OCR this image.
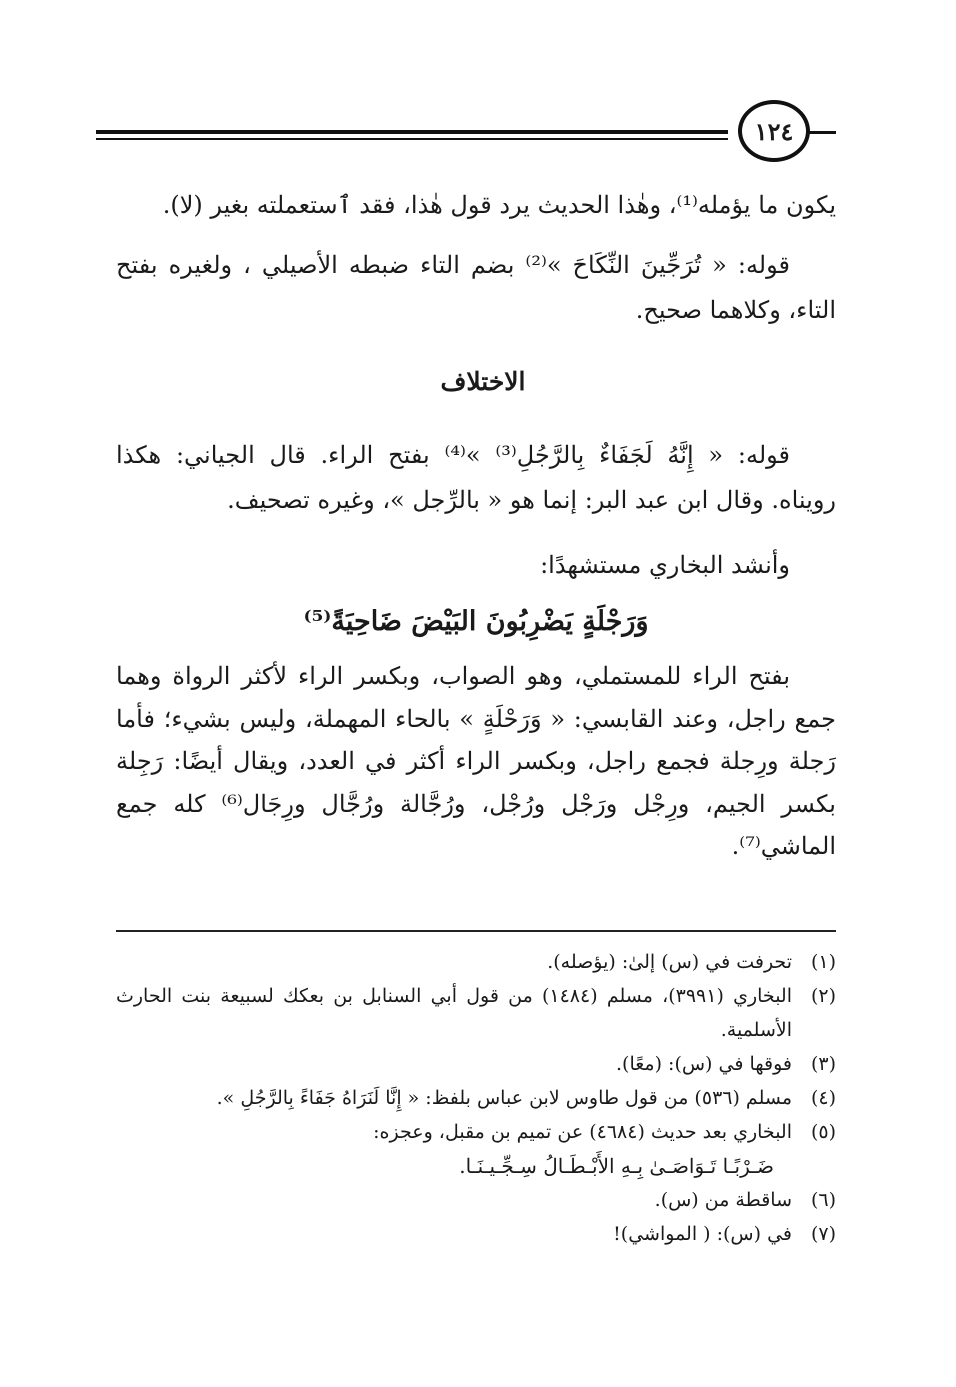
١٢٤
يكون ما يؤمله⁽¹⁾، وهٰذا الحديث يرد قول هٰذا، فقد ٱستعملته بغير (لا).
قوله: « تُرَجِّينَ النِّكَاحَ »⁽²⁾ بضم التاء ضبطه الأصيلي ، ولغيره بفتح التاء، وكلاهما صحيح.
الاختلاف
قوله: « إِنَّهُ لَجَفَاءٌ بِالرَّجُلِ⁽³⁾ »⁽⁴⁾ بفتح الراء. قال الجياني: هكذا رويناه. وقال ابن عبد البر: إنما هو « بالرِّجل »، وغيره تصحيف.
وأنشد البخاري مستشهدًا:
وَرَجْلَةٍ يَضْرِبُونَ البَيْضَ ضَاحِيَةً⁽⁵⁾
بفتح الراء للمستملي، وهو الصواب، وبكسر الراء لأكثر الرواة وهما جمع راجل، وعند القابسي: « وَرَحْلَةٍ » بالحاء المهملة، وليس بشيء؛ فأما رَجلة ورِجلة فجمع راجل، وبكسر الراء أكثر في العدد، ويقال أيضًا: رَجِلة بكسر الجيم، ورِجْل ورَجْل ورُجْل، ورُجَّالة ورُجَّال ورِجَال⁽⁶⁾ كله جمع الماشي⁽⁷⁾.
(١)
تحرفت في (س) إلىٰ: (يؤصله).
(٢)
البخاري (٣٩٩١)، مسلم (١٤٨٤) من قول أبي السنابل بن بعكك لسبيعة بنت الحارث الأسلمية.
(٣)
فوقها في (س): (معًا).
(٤)
مسلم (٥٣٦) من قول طاوس لابن عباس بلفظ: « إِنَّا لَنَرَاهُ جَفَاءً بِالرَّجُلِ ».
(٥)
البخاري بعد حديث (٤٦٨٤) عن تميم بن مقبل، وعجزه:
ضَـرْبًـا تَـوَاصَـىٰ بِـهِ الأَبْـطَـالُ سِـجِّـيـنَـا.
(٦)
ساقطة من (س).
(٧)
في (س): ( المواشي)!
